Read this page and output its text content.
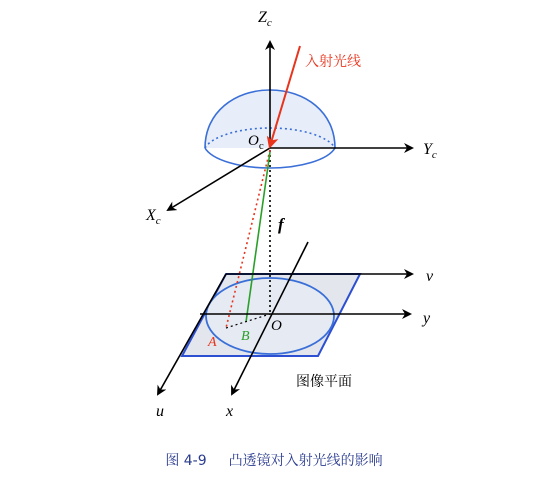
$Z_c$
$Y_c$
$X_c$
$O_c$
入射光线
f
v
y
u	x
O
A B
图像平面
图 4-9 凸透镜对入射光线的影响
